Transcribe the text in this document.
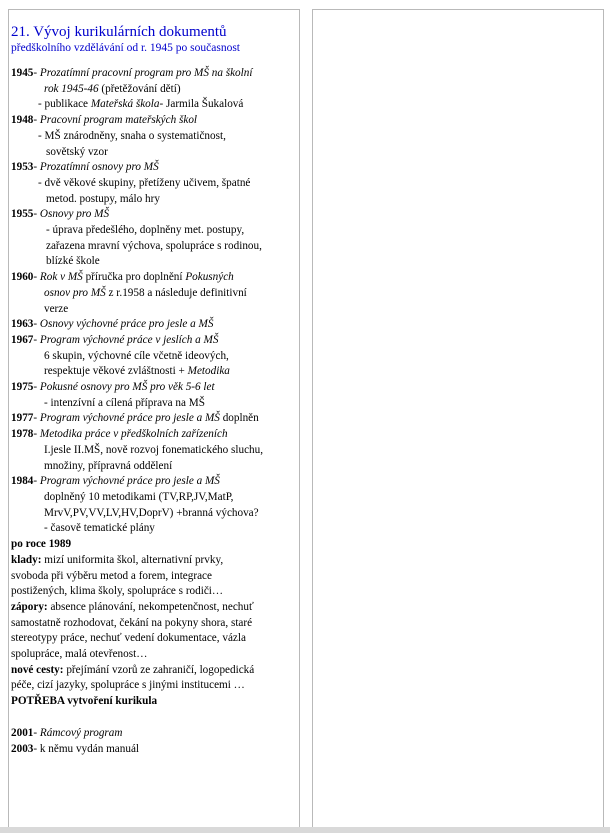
21. Vývoj kurikulárních dokumentů
předškolního vzdělávání od r. 1945 po současnost
1945- Prozatímní pracovní program pro MŠ na školní
rok 1945-46 (přetěžování dětí)
- publikace Mateřská škola- Jarmila Šukalová
1948- Pracovní program mateřských škol
- MŠ znárodněny, snaha o systematičnost,
sovětský vzor
1953- Prozatímní osnovy pro MŠ
- dvě věkové skupiny, přetíženy učivem, špatné
metod. postupy, málo hry
1955- Osnovy pro MŠ
- úprava předešlého, doplněny met. postupy,
zařazena mravní výchova, spolupráce s rodinou,
blízké škole
1960- Rok v MŠ příručka pro doplnění Pokusných
osnov pro MŠ z r.1958 a následuje definitivní
verze
1963- Osnovy výchovné práce pro jesle a MŠ
1967- Program výchovné práce v jeslích a MŠ
6 skupin, výchovné cíle včetně ideových,
respektuje věkové zvláštnosti + Metodika
1975- Pokusné osnovy pro MŠ pro věk 5-6 let
- intenzívní a cílená příprava na MŠ
1977- Program výchovné práce pro jesle a MŠ doplněn
1978- Metodika práce v předškolních zařízeních
I.jesle II.MŠ, nově rozvoj fonematického sluchu,
množiny, přípravná oddělení
1984- Program výchovné práce pro jesle a MŠ
doplněný 10 metodikami (TV,RP,JV,MatP,
MrvV,PV,VV,LV,HV,DoprV) +branná výchova?
- časově tematické plány
po roce 1989
klady: mizí uniformita škol, alternativní prvky,
svoboda při výběru metod a forem, integrace
postižených, klima školy, spolupráce s rodiči…
zápory: absence plánování, nekompetenčnost, nechuť
samostatně rozhodovat, čekání na pokyny shora, staré
stereotypy práce, nechuť vedení dokumentace, vázla
spolupráce, malá otevřenost…
nové cesty: přejímání vzorů ze zahraničí, logopedická
péče, cizí jazyky, spolupráce s jinými institucemi …
POTŘEBA vytvoření kurikula
2001- Rámcový program
2003- k němu vydán manuál
